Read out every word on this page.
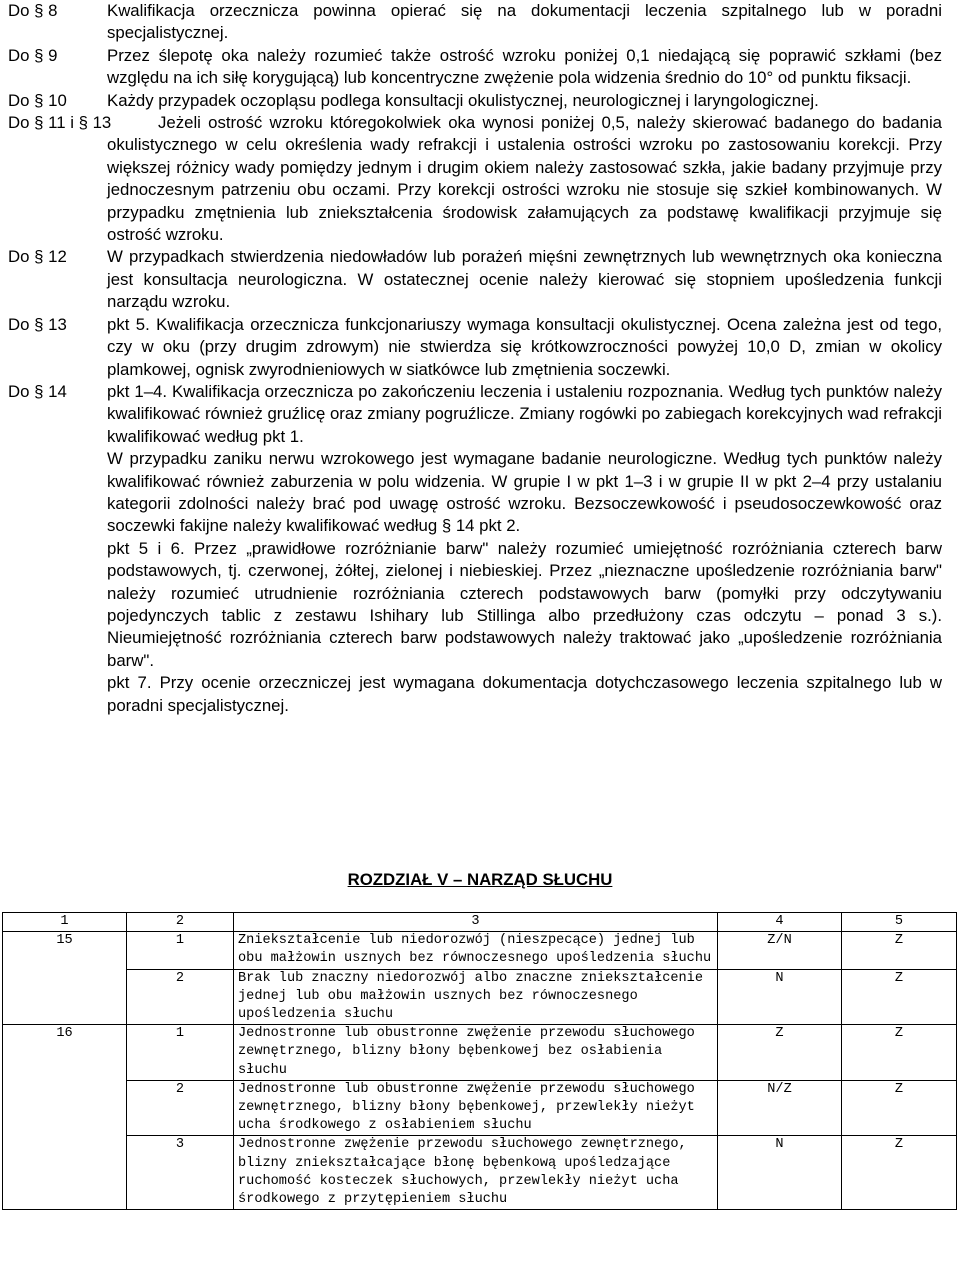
Do § 8	Kwalifikacja orzecznicza powinna opierać się na dokumentacji leczenia szpitalnego lub w poradni specjalistycznej.

Do § 9	Przez ślepotę oka należy rozumieć także ostrość wzroku poniżej 0,1 niedającą się poprawić szkłami (bez względu na ich siłę korygującą) lub koncentryczne zwężenie pola widzenia średnio do 10° od punktu fiksacji.

Do § 10	Każdy przypadek oczopląsu podlega konsultacji okulistycznej, neurologicznej i laryngologicznej.

Do § 11 i § 13	Jeżeli ostrość wzroku któregokolwiek oka wynosi poniżej 0,5, należy skierować badanego do badania okulistycznego w celu określenia wady refrakcji i ustalenia ostrości wzroku po zastosowaniu korekcji. Przy większej różnicy wady pomiędzy jednym i drugim okiem należy zastosować szkła, jakie badany przyjmuje przy jednoczesnym patrzeniu obu oczami. Przy korekcji ostrości wzroku nie stosuje się szkieł kombinowanych. W przypadku zmętnienia lub zniekształcenia środowisk załamujących za podstawę kwalifikacji przyjmuje się ostrość wzroku.

Do § 12	W przypadkach stwierdzenia niedowładów lub porażeń mięśni zewnętrznych lub wewnętrznych oka konieczna jest konsultacja neurologiczna. W ostatecznej ocenie należy kierować się stopniem upośledzenia funkcji narządu wzroku.

Do § 13	pkt 5. Kwalifikacja orzecznicza funkcjonariuszy wymaga konsultacji okulistycznej. Ocena zależna jest od tego, czy w oku (przy drugim zdrowym) nie stwierdza się krótkowzroczności powyżej 10,0 D, zmian w okolicy plamkowej, ognisk zwyrodnieniowych w siatkówce lub zmętnienia soczewki.

Do § 14	pkt 1–4. Kwalifikacja orzecznicza po zakończeniu leczenia i ustaleniu rozpoznania. Według tych punktów należy kwalifikować również gruźlicę oraz zmiany pogruźlicze. Zmiany rogówki po zabiegach korekcyjnych wad refrakcji kwalifikować według pkt 1.

W przypadku zaniku nerwu wzrokowego jest wymagane badanie neurologiczne. Według tych punktów należy kwalifikować również zaburzenia w polu widzenia. W grupie I w pkt 1–3 i w grupie II w pkt 2–4 przy ustalaniu kategorii zdolności należy brać pod uwagę ostrość wzroku. Bezsoczewkowość i pseudosoczewkowość oraz soczewki fakijne należy kwalifikować według § 14 pkt 2.

pkt 5 i 6. Przez „prawidłowe rozróżnianie barw" należy rozumieć umiejętność rozróżniania czterech barw podstawowych, tj. czerwonej, żółtej, zielonej i niebieskiej. Przez „nieznaczne upośledzenie rozróżniania barw" należy rozumieć utrudnienie rozróżniania czterech podstawowych barw (pomyłki przy odczytywaniu pojedynczych tablic z zestawu Ishihary lub Stillinga albo przedłużony czas odczytu – ponad 3 s.). Nieumiejętność rozróżniania czterech barw podstawowych należy traktować jako „upośledzenie rozróżniania barw".

pkt 7. Przy ocenie orzeczniczej jest wymagana dokumentacja dotychczasowego leczenia szpitalnego lub w poradni specjalistycznej.

ROZDZIAŁ V – NARZĄD SŁUCHU
1	2	3	4	5
15	1	Zniekształcenie lub niedorozwój (nieszpecące) jednej lub obu małżowin usznych bez równoczesnego upośledzenia słuchu	Z/N	Z
	2	Brak lub znaczny niedorozwój albo znaczne zniekształcenie jednej lub obu małżowin usznych bez równoczesnego upośledzenia słuchu	N	Z
16	1	Jednostronne lub obustronne zwężenie przewodu słuchowego zewnętrznego, blizny błony bębenkowej bez osłabienia słuchu	Z	Z
	2	Jednostronne lub obustronne zwężenie przewodu słuchowego zewnętrznego, blizny błony bębenkowej, przewlekły nieżyt ucha środkowego z osłabieniem słuchu	N/Z	Z
	3	Jednostronne zwężenie przewodu słuchowego zewnętrznego, blizny zniekształcające błonę bębenkową upośledzające ruchomość kosteczek słuchowych, przewlekły nieżyt ucha środkowego z przytępieniem słuchu	N	Z
